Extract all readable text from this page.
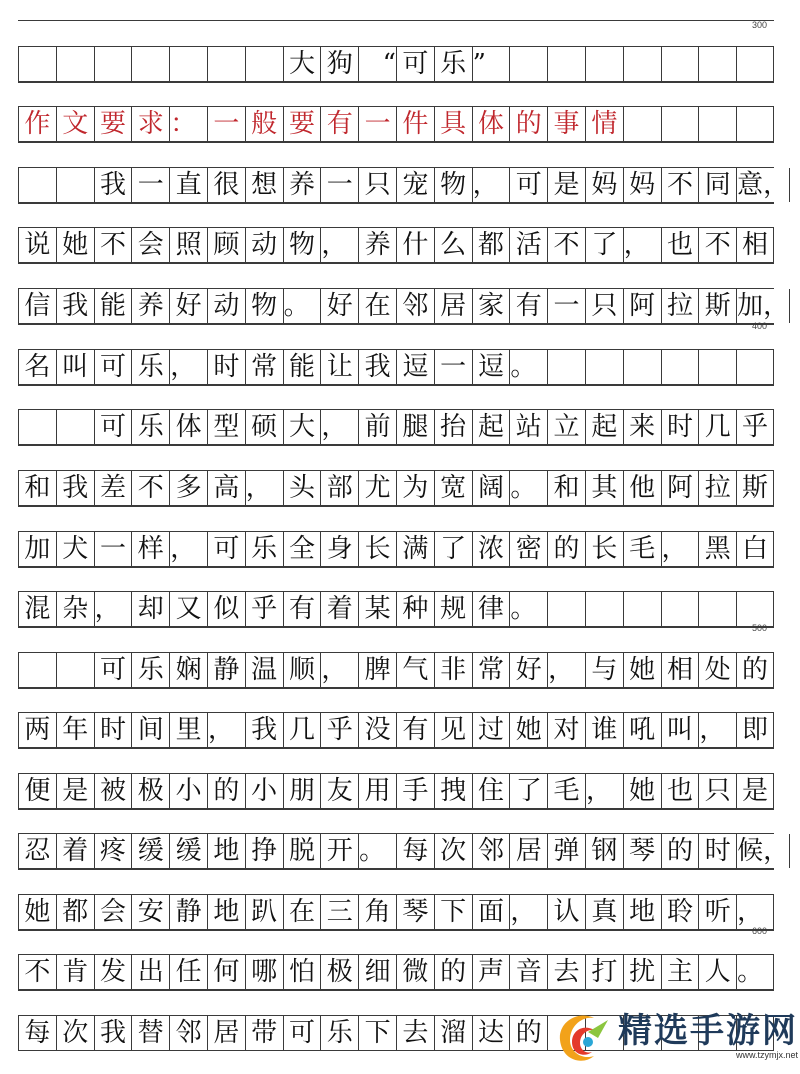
300
400
500
600
大 狗	“ 可 乐 ”
作 文 要 求 ： 一 般 要 有 一 件 具 体 的 事 情
我 一 直 很 想 养 一 只 宠 物 ， 可 是 妈 妈 不 同 意，
说 她 不 会 照 顾 动 物 ， 养 什 么 都 活 不 了 ， 也 不 相
信 我 能 养 好 动 物 。 好 在 邻 居 家 有 一 只 阿 拉 斯 加，
名 叫 可 乐 ， 时 常 能 让 我 逗 一 逗 。
可 乐 体 型 硕 大 ， 前 腿 抬 起 站 立 起 来 时 几 乎
和 我 差 不 多 高 ， 头 部 尤 为 宽 阔 。 和 其 他 阿 拉 斯
加 犬 一 样 ， 可 乐 全 身 长 满 了 浓 密 的 长 毛 ， 黑 白
混 杂 ， 却 又 似 乎 有 着 某 种 规 律 。
可 乐 娴 静 温 顺 ， 脾 气 非 常 好 ， 与 她 相 处 的
两 年 时 间 里 ， 我 几 乎 没 有 见 过 她 对 谁 吼 叫 ， 即
便 是 被 极 小 的 小 朋 友 用 手 拽 住 了 毛 ， 她 也 只 是
忍 着 疼 缓 缓 地 挣 脱 开 。 每 次 邻 居 弹 钢 琴 的 时 候，
她 都 会 安 静 地 趴 在 三 角 琴 下 面 ， 认 真 地 聆 听 ，
不 肯 发 出 任 何 哪 怕 极 细 微 的 声 音 去 打 扰 主 人 。
每 次 我 替 邻 居 带 可 乐 下 去 溜 达 的 精选手游网
www.tzymjx.net
